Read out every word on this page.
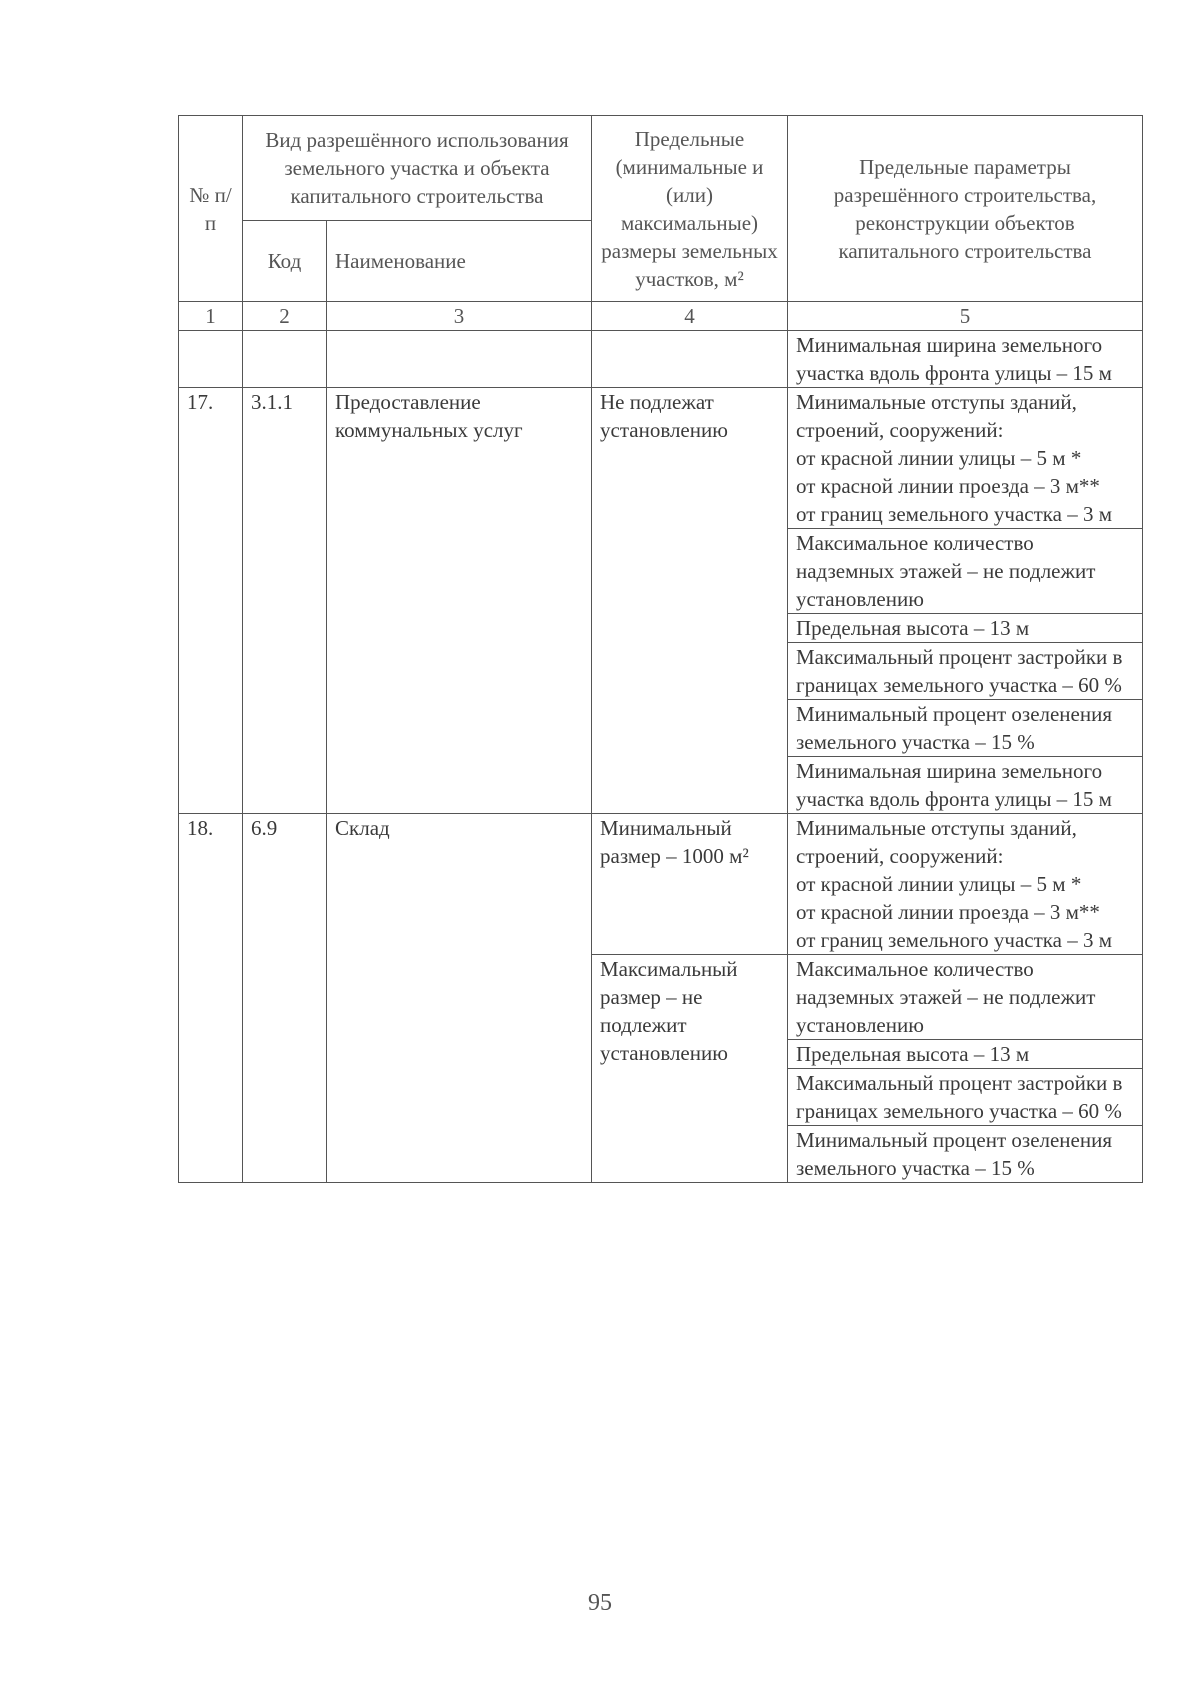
№ п/п	Вид разрешённого использования земельного участка и объекта капитального строительства		Предельные (минимальные и (или) максимальные) размеры земельных участков, м²	Предельные параметры разрешённого строительства, реконструкции объектов капитального строительства
	Код	Наименование		
1	2	3	4	5
				Минимальная ширина земельного участка вдоль фронта улицы – 15 м
17.	3.1.1	Предоставление коммунальных услуг	Не подлежат установлению	Минимальные отступы зданий, строений, сооружений:
от красной линии улицы – 5 м *
от красной линии проезда – 3 м**
от границ земельного участка – 3 м

				Максимальное количество надземных этажей – не подлежит установлению
				Предельная высота – 13 м
				Максимальный процент застройки в границах земельного участка – 60 %
				Минимальный процент озеленения земельного участка – 15 %
				Минимальная ширина земельного участка вдоль фронта улицы – 15 м
18.	6.9	Склад	Минимальный размер – 1000 м²	Минимальные отступы зданий, строений, сооружений:
от красной линии улицы – 5 м *
от красной линии проезда – 3 м**
от границ земельного участка – 3 м

			Максимальный размер – не подлежит установлению	Максимальное количество надземных этажей – не подлежит установлению
				Предельная высота – 13 м
				Максимальный процент застройки в границах земельного участка – 60 %
				Минимальный процент озеленения земельного участка – 15 %
95
